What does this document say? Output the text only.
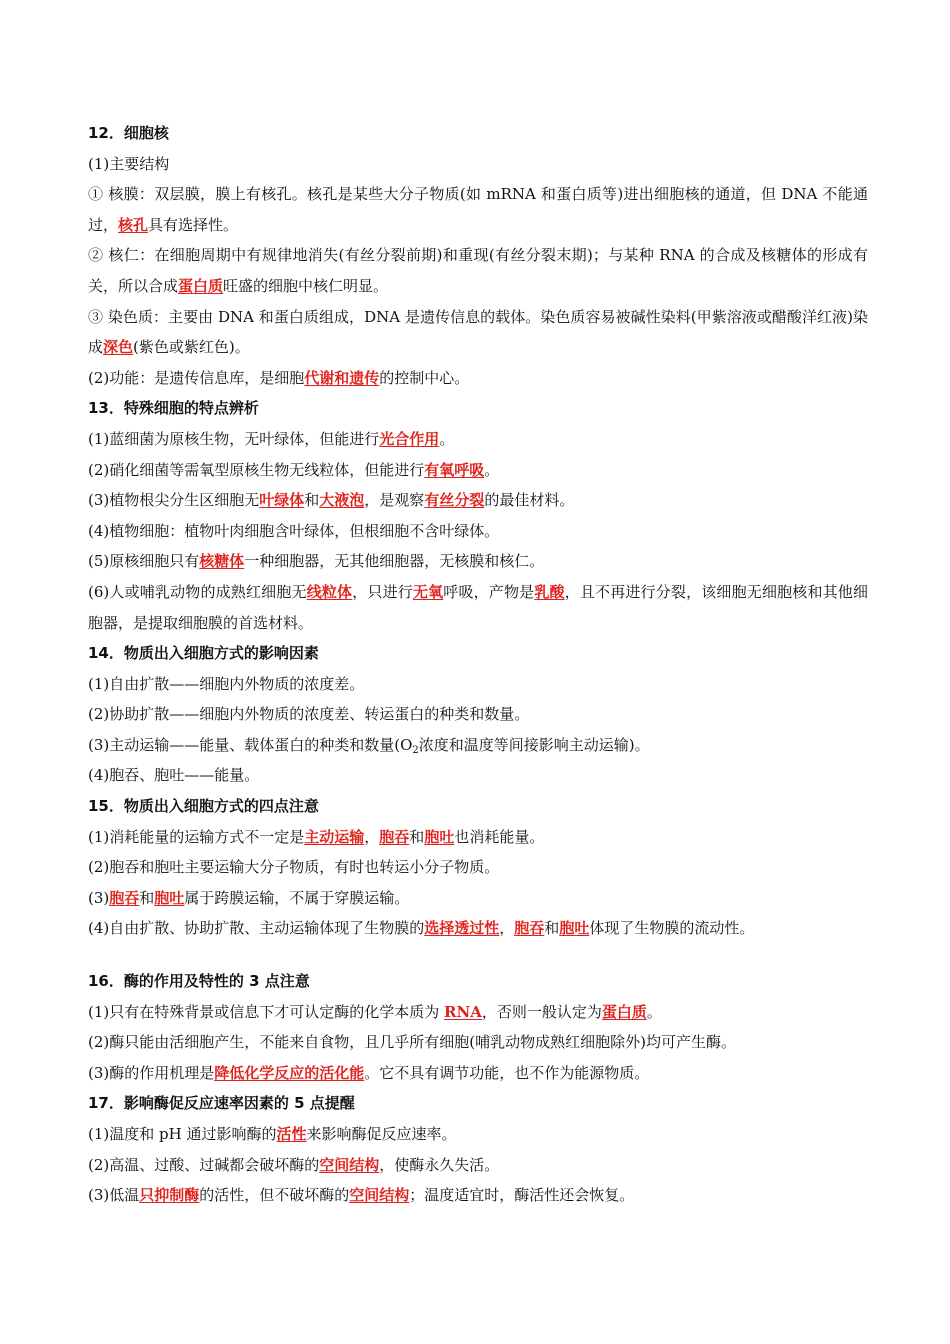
12．细胞核

(1)主要结构

① 核膜：双层膜，膜上有核孔。核孔是某些大分子物质(如 mRNA 和蛋白质等)进出细胞核的通道，但 DNA 不能通过，核孔具有选择性。

② 核仁：在细胞周期中有规律地消失(有丝分裂前期)和重现(有丝分裂末期)；与某种 RNA 的合成及核糖体的形成有关，所以合成蛋白质旺盛的细胞中核仁明显。

③ 染色质：主要由 DNA 和蛋白质组成，DNA 是遗传信息的载体。染色质容易被碱性染料(甲紫溶液或醋酸洋红液)染成深色(紫色或紫红色)。

(2)功能：是遗传信息库，是细胞代谢和遗传的控制中心。

13．特殊细胞的特点辨析

(1)蓝细菌为原核生物，无叶绿体，但能进行光合作用。

(2)硝化细菌等需氧型原核生物无线粒体，但能进行有氧呼吸。

(3)植物根尖分生区细胞无叶绿体和大液泡，是观察有丝分裂的最佳材料。

(4)植物细胞：植物叶肉细胞含叶绿体，但根细胞不含叶绿体。

(5)原核细胞只有核糖体一种细胞器，无其他细胞器，无核膜和核仁。

(6)人或哺乳动物的成熟红细胞无线粒体，只进行无氧呼吸，产物是乳酸，且不再进行分裂，该细胞无细胞核和其他细胞器，是提取细胞膜的首选材料。

14．物质出入细胞方式的影响因素

(1)自由扩散——细胞内外物质的浓度差。

(2)协助扩散——细胞内外物质的浓度差、转运蛋白的种类和数量。

(3)主动运输——能量、载体蛋白的种类和数量($O_2$浓度和温度等间接影响主动运输)。

(4)胞吞、胞吐——能量。

15．物质出入细胞方式的四点注意

(1)消耗能量的运输方式不一定是主动运输，胞吞和胞吐也消耗能量。

(2)胞吞和胞吐主要运输大分子物质，有时也转运小分子物质。

(3)胞吞和胞吐属于跨膜运输，不属于穿膜运输。

(4)自由扩散、协助扩散、主动运输体现了生物膜的选择透过性，胞吞和胞吐体现了生物膜的流动性。

16．酶的作用及特性的 3 点注意

(1)只有在特殊背景或信息下才可认定酶的化学本质为 RNA，否则一般认定为蛋白质。

(2)酶只能由活细胞产生，不能来自食物，且几乎所有细胞(哺乳动物成熟红细胞除外)均可产生酶。

(3)酶的作用机理是降低化学反应的活化能。它不具有调节功能，也不作为能源物质。

17．影响酶促反应速率因素的 5 点提醒

(1)温度和 pH 通过影响酶的活性来影响酶促反应速率。

(2)高温、过酸、过碱都会破坏酶的空间结构，使酶永久失活。

(3)低温只抑制酶的活性，但不破坏酶的空间结构；温度适宜时，酶活性还会恢复。
